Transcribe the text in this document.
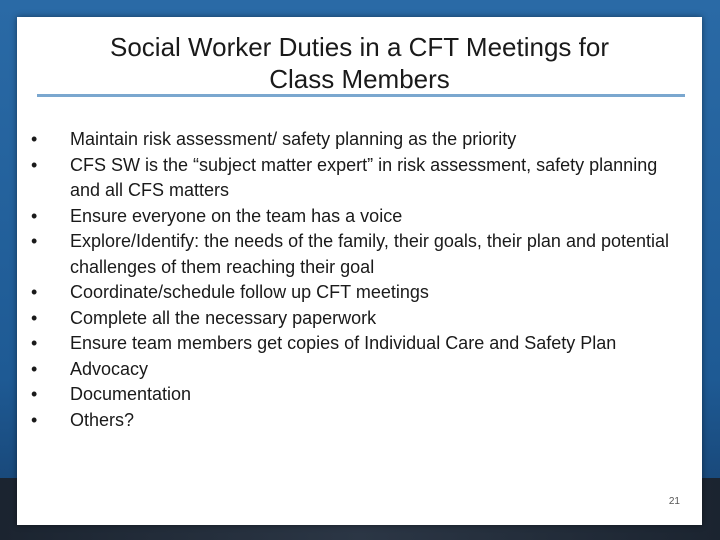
Social Worker Duties in a CFT Meetings for
Class Members
•	Maintain risk assessment/ safety planning as the priority
•	CFS SW is the “subject matter expert” in risk assessment, safety planning and all CFS matters
•	Ensure everyone on the team has a voice
•	Explore/Identify: the needs of the family, their goals, their plan and potential challenges of them reaching their goal
•	Coordinate/schedule follow up CFT meetings
•	Complete all the necessary paperwork
•	Ensure team members get copies of Individual Care and Safety Plan
•	Advocacy
•	Documentation
•	Others?
21
